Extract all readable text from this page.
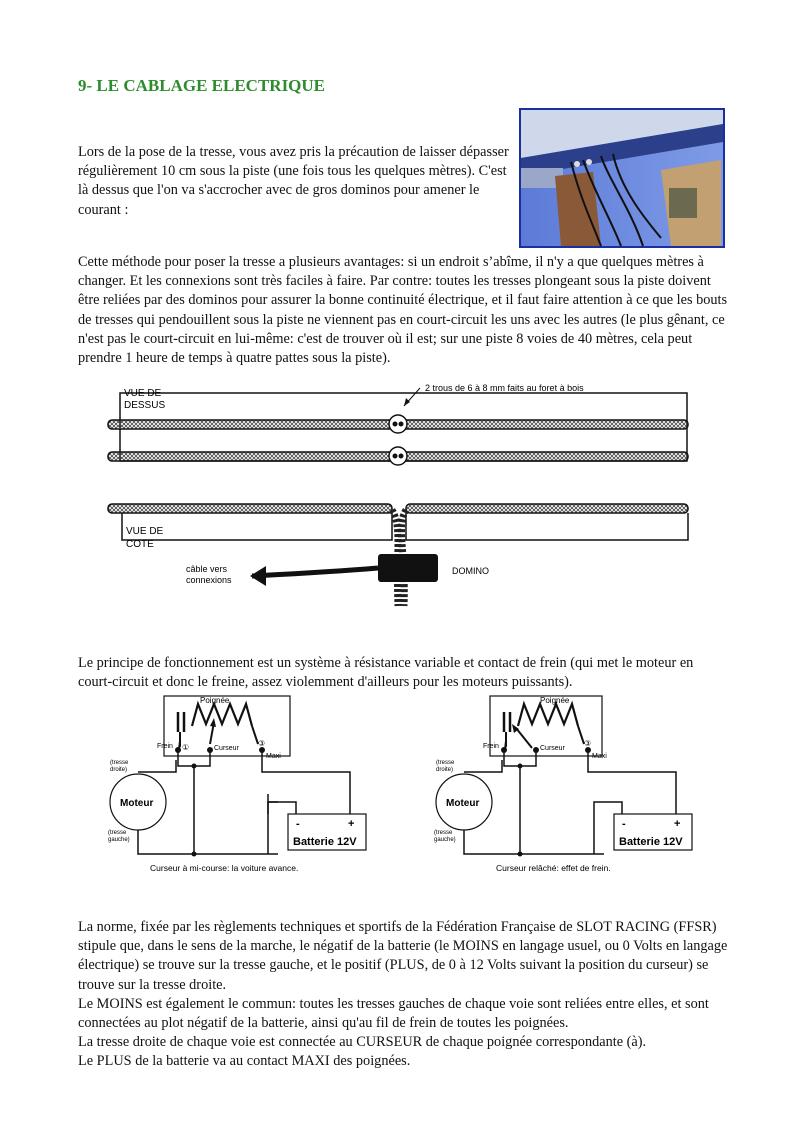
9- LE CABLAGE ELECTRIQUE

Lors de la pose de la tresse, vous avez pris la précaution de laisser dépasser régulièrement 10 cm sous la piste (une fois tous les quelques mètres). C'est là dessus que l'on va s'accrocher avec de gros dominos pour amener le courant :

Cette méthode pour poser la tresse a plusieurs avantages: si un endroit s’abîme, il n'y a que quelques mètres à changer. Et les connexions sont très faciles à faire. Par contre: toutes les tresses plongeant sous la piste doivent être reliées par des dominos pour assurer la bonne continuité électrique, et il faut faire attention à ce que les bouts de tresses qui pendouillent sous la piste ne viennent pas en court-circuit les uns avec les autres (le plus gênant, ce n'est pas le court-circuit en lui-même: c'est de trouver où il est; sur une piste 8 voies de 40 mètres, cela peut prendre 1 heure de temps à quatre pattes sous la piste).

VUE DE
DESSUS
2 trous de 6 à 8 mm faits au foret à bois
VUE DE
COTE
câble vers
connexions
DOMINO

Le principe de fonctionnement est un système à résistance variable et contact de frein (qui met le moteur en court-circuit et donc le freine, assez violemment d'ailleurs pour les moteurs puissants).

Poignée
Frein ①	Curseur
③
Maxi
Moteur
(tresse
droite)
(tresse
gauche)
-	+
Batterie 12V
Curseur à mi-course: la voiture avance.
Poignée
Frein	Curseur
③
Maxi
Moteur
(tresse
droite)
(tresse
gauche)
-	+
Batterie 12V
Curseur relâché: effet de frein.
La norme, fixée par les règlements techniques et sportifs de la Fédération Française de SLOT RACING (FFSR) stipule que, dans le sens de la marche, le négatif de la batterie (le MOINS en langage usuel, ou 0 Volts en langage électrique) se trouve sur la tresse gauche, et le positif (PLUS, de 0 à 12 Volts suivant la position du curseur) se trouve sur la tresse droite.
Le MOINS est également le commun: toutes les tresses gauches de chaque voie sont reliées entre elles, et sont connectées au plot négatif de la batterie, ainsi qu'au fil de frein de toutes les poignées.
La tresse droite de chaque voie est connectée au CURSEUR de chaque poignée correspondante (à).
Le PLUS de la batterie va au contact MAXI des poignées.
